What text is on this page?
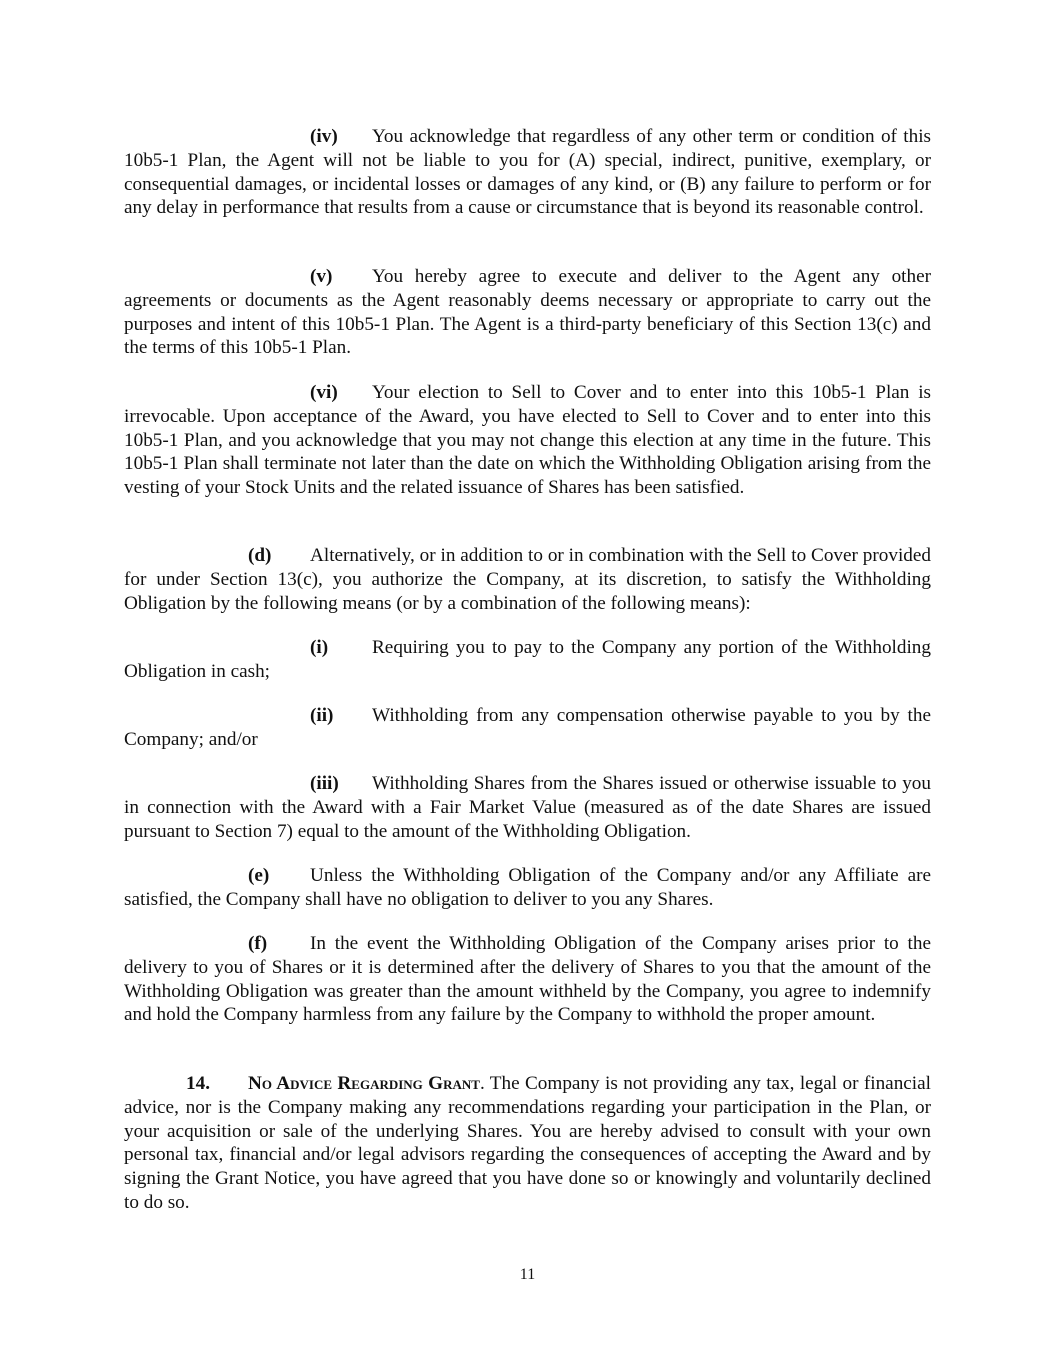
(iv) You acknowledge that regardless of any other term or condition of this 10b5-1 Plan, the Agent will not be liable to you for (A) special, indirect, punitive, exemplary, or consequential damages, or incidental losses or damages of any kind, or (B) any failure to perform or for any delay in performance that results from a cause or circumstance that is beyond its reasonable control.

(v) You hereby agree to execute and deliver to the Agent any other agreements or documents as the Agent reasonably deems necessary or appropriate to carry out the purposes and intent of this 10b5-1 Plan. The Agent is a third-party beneficiary of this Section 13(c) and the terms of this 10b5-1 Plan.

(vi) Your election to Sell to Cover and to enter into this 10b5-1 Plan is irrevocable. Upon acceptance of the Award, you have elected to Sell to Cover and to enter into this 10b5-1 Plan, and you acknowledge that you may not change this election at any time in the future. This 10b5-1 Plan shall terminate not later than the date on which the Withholding Obligation arising from the vesting of your Stock Units and the related issuance of Shares has been satisfied.

(d) Alternatively, or in addition to or in combination with the Sell to Cover provided for under Section 13(c), you authorize the Company, at its discretion, to satisfy the Withholding Obligation by the following means (or by a combination of the following means):

(i) Requiring you to pay to the Company any portion of the Withholding Obligation in cash;

(ii) Withholding from any compensation otherwise payable to you by the Company; and/or

(iii) Withholding Shares from the Shares issued or otherwise issuable to you in connection with the Award with a Fair Market Value (measured as of the date Shares are issued pursuant to Section 7) equal to the amount of the Withholding Obligation.

(e) Unless the Withholding Obligation of the Company and/or any Affiliate are satisfied, the Company shall have no obligation to deliver to you any Shares.

(f) In the event the Withholding Obligation of the Company arises prior to the delivery to you of Shares or it is determined after the delivery of Shares to you that the amount of the Withholding Obligation was greater than the amount withheld by the Company, you agree to indemnify and hold the Company harmless from any failure by the Company to withhold the proper amount.

14. No Advice Regarding Grant. The Company is not providing any tax, legal or financial advice, nor is the Company making any recommendations regarding your participation in the Plan, or your acquisition or sale of the underlying Shares. You are hereby advised to consult with your own personal tax, financial and/or legal advisors regarding the consequences of accepting the Award and by signing the Grant Notice, you have agreed that you have done so or knowingly and voluntarily declined to do so.

11
